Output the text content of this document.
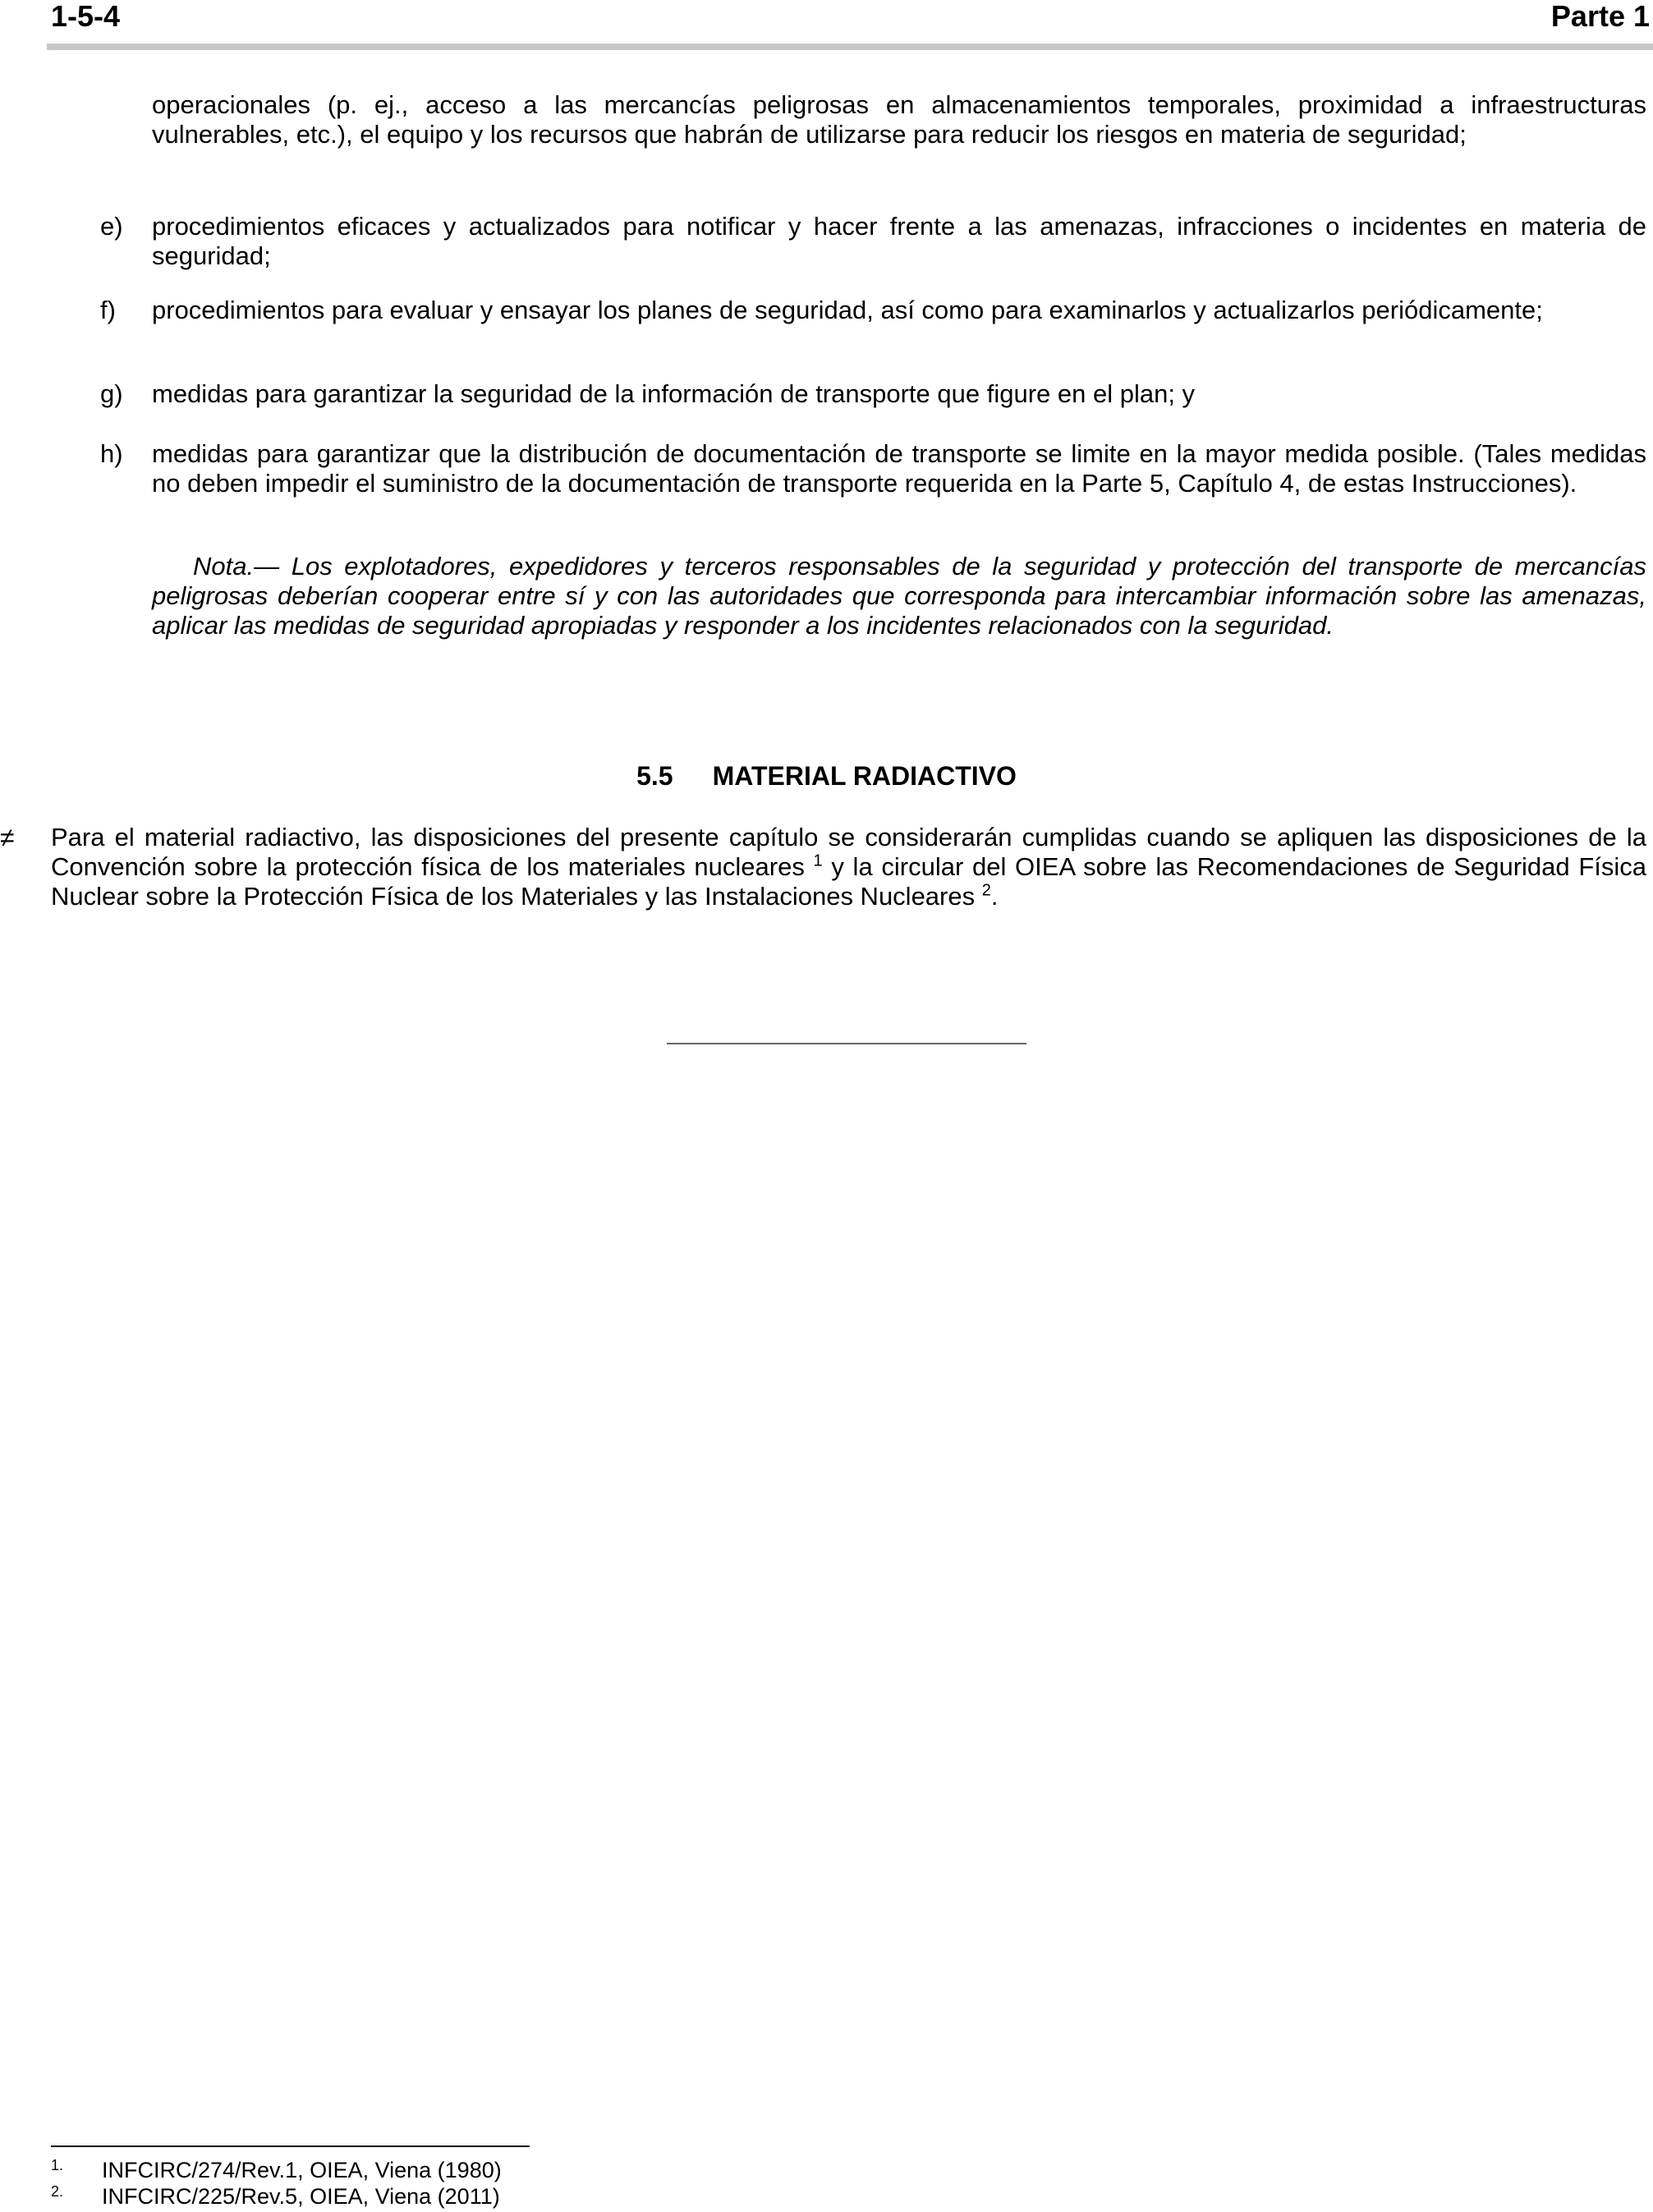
1-5-4	Parte 1
operacionales (p. ej., acceso a las mercancías peligrosas en almacenamientos temporales, proximidad a infraestructuras vulnerables, etc.), el equipo y los recursos que habrán de utilizarse para reducir los riesgos en materia de seguridad;
e) procedimientos eficaces y actualizados para notificar y hacer frente a las amenazas, infracciones o incidentes en materia de seguridad;
f) procedimientos para evaluar y ensayar los planes de seguridad, así como para examinarlos y actualizarlos periódicamente;
g) medidas para garantizar la seguridad de la información de transporte que figure en el plan; y
h) medidas para garantizar que la distribución de documentación de transporte se limite en la mayor medida posible. (Tales medidas no deben impedir el suministro de la documentación de transporte requerida en la Parte 5, Capítulo 4, de estas Instrucciones).
Nota.— Los explotadores, expedidores y terceros responsables de la seguridad y protección del transporte de mercancías peligrosas deberían cooperar entre sí y con las autoridades que corresponda para intercambiar información sobre las amenazas, aplicar las medidas de seguridad apropiadas y responder a los incidentes relacionados con la seguridad.
5.5 MATERIAL RADIACTIVO
≠ Para el material radiactivo, las disposiciones del presente capítulo se considerarán cumplidas cuando se apliquen las disposiciones de la Convención sobre la protección física de los materiales nucleares $^1$ y la circular del OIEA sobre las Recomendaciones de Seguridad Física Nuclear sobre la Protección Física de los Materiales y las Instalaciones Nucleares $^2$.
1. INFCIRC/274/Rev.1, OIEA, Viena (1980)
2. INFCIRC/225/Rev.5, OIEA, Viena (2011)
